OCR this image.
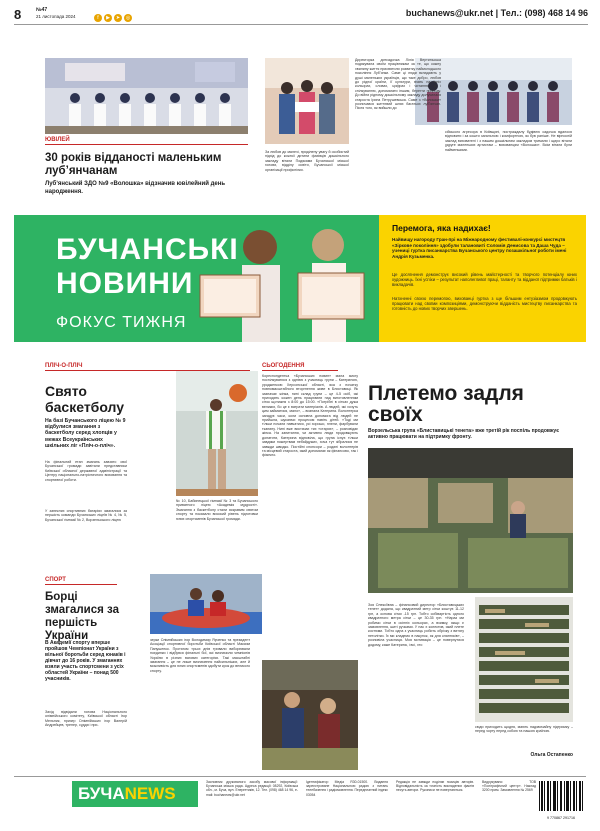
8	№47
21 листопада 2024	f ▶ ➤ ◎	buchanews@ukr.net | Тел.: (098) 468 14 96
ЮВІЛЕЙ
30 років відданості маленьким лубʼянчанам
Лубʼянський ЗДО №9 «Волошка» відзначив ювілейний день народження.
За любов до малечі, приділену увагу й особистий підхід до кожної дитини фахівців дошкільного закладу вітали Подяками Бучанської міської голови, відділу освіти, Бучанської міської організації профспілки.
Директорка дитсадочка Лілія Вертиньська подякувала своїм працівникам за те, що кожну хвилину життя присвятили розвитку наймолодшого покоління Лубʼянки. Саме ці люди вкладають у душі маленьких українців, що таке добро, любов до рідної країни, її культури, вчать на їхніх кольорах, словах, цифрах і читанню, а і спілкуванню, допомагати іншим, берегти природу. До війни рідному дошкільному закладу долучилася староста Ірина Петрушевська. Саме з «Волошки» розпочався життєвий шлях багатьох лубʼянчан. Після того, як вийшли до
сійського агресора в Київщині, постраждалу будівлю садочка вдалося відновити і за кошти загальною і комфортною, як був раніше. Не вірносній заклад вихователі і з нашим дошкільним закладом тримали і щиро вітали удруге маленьких артистам – вихованцям «Волошки». Всім вітали були найменшими.
БУЧАНСЬКІ
НОВИНИ
ФОКУС ТИЖНЯ
Перемога, яка надихає!
Найвищу нагороду Гран-прі на Міжнародному фестивалі-конкурсі мистецтв «Зіркове покоління» здобули талановиті Соломія Денисова та Даша Чуда – учениці гуртка писанкарства Бучанського центру позашкільної роботи імені Андрія Кузьменка.
Це досягнення демонструє високий рівень майстерності та творчого потенціалу юних художниць. Їхні успіхи – результат наполегливої праці, таланту та відданої підтримки батьків і викладачів.
Натхненні своєю перемогою, вихованці гуртка з ще більшим ентузіазмом продовжують працювати над своїми композиціями, демонструючи відданість мистецтву писанкарства та готовність до нових творчих звершень.
ПЛІЧ-О-ПЛІЧ
Свято баскетболу
На базі Бучанського ліцею № 9 відбулися змагання з баскетболу серед хлопців у межах Всеукраїнських шкільних ліг «Пліч-о-пліч».
На фінальний етап змагань завзято свої Бучанської громади завітали представники Київської обласної державної адміністрації та Центру національно-патріотичного виховання та спортивної роботи.
У запеклих спортивних батаріях змагалися за першість команди Бучанських ліцеїв № 4, № 5, Бучанської гімназії № 2, Ворзельського ліцею
№ 10, Бабинецької гімназії № 3 та Бучанського приватного ліцею «Академія мудрості». Змагання з баскетболу стали яскравим святом спорту та показали високий рівень підготовки юних спортсменів Бучанської громади.
СПОРТ
Борці змагалися за першість України
В Академії спорту вперше пройшов Чемпіонат України з вільної боротьби серед юнаків і дівчат до 16 років. У змаганнях взяли участь спортсмени з усіх областей України – понад 500 учасників.
Захід відвідали голова Національного олімпійського комітету, Київської області Ігор Мельник, призер Олімпійських ігор Валерій Андрейцев, тренер, суддя і при-
зерки Олімпійських ігор Володимир Ярченко та президент Асоціації спортивної боротьби Київської області Максим Папушенко. Протягом трьох днів тривали виборювали поєдинки і відбувся фінальні бої, які визначили чемпіонів України в різних вагових категоріях. Такі масштабні змагання – це не лише визначення найсильніших, але й можливість для юних спортсменів здобути крок до великого спорту.
СЬОГОДЕННЯ
Кореспондентка «Бучанських новин» мала змогу поспілкуватися з однією з учасниць групи – Катериною, уродженкою Херсонської області, яка з початку повномасштабного вторгнення живе в Блиставиці. Як зазначає жінка, нині склад групи – це 4-5 осіб, які приходять кожен день працювати над виготовленням сіток щотижня з 8:00 до 15:00. «Потрібні в сітках дужа великих, бо це є ватрати матеріалів. А людей, які хочуть цим займатися, мало», – визнала Катерина. Волонтерка загадує часи, коли основна допомога від людей не прийшла, шукаючи процесом навіть дітей. «Тоді ми тільки почали навчатися, усі хорошо, плели, фарбували тканину. Нині вже вистачає тих «старих», – розповідає жінка. На запитання, чи активно люди продовжують донатити, Катерина відповіла, що група існує тільки завдяки пожертвам небайдужих, хоча тут зібралися не завжди швидко. Постійні спонсори – родині волонтерів та місцевий староста, який допомагає як фінансово, так і фізично.
Плетемо задля своїх
Ворзельська група «Блиставицькі тенета» вже третій рік поспіль продовжує активно працювати на підтримку фронту.
Зоя Олексіївна – фінансовий директор «Блиставицьких тенет» додала, що квадратний метр сітки коштує 11-12 грн, а основа сітки -15 грн. Тобто собівартість одного квадратного метра сітки – це 30-35 грн. «Нараз ми робимо сітки в осінніх кольорах, а взимку, якщо є замовлення, шиті ручками. У нас є колектив, який плете костюми. Тобто одна з учасниць робить обрізку з витягу нетолітки. Їх ми кладемо в пакунок, як для клаптиків», – розповіла учасниця. Моя мотивація – це повернутися додому, каже Катерина, і всі, хто
сюди приходить щодня, мають надзвичайну підтримку – перед чорту перед собою та нашою країною.
Ольга Остапенко
БУЧАNEWS
Засновник друкованого засобу масової інформації: Бучанська міська рада. Адреса редакції: 08292, Київська обл., м. Буча, вул. Енергетиків, 12. Тел. (098) 468 14 96, e-mail: buchanews@ukr.net
Ідентифікатор Медіа R30-01500. Видання зареєстроване Національною радою з питань телебачення і радіомовлення. Передплатний індекс 03054
Редакція не завжди поділяє позицію авторів. Відповідальність за точність викладених фактів несуть автори. Рукописи не повертаються.
Видрукувано: ТОВ «Поліграфічний центр». Наклад 3200 прим. Замовлення № 2569
9 770867 291716
